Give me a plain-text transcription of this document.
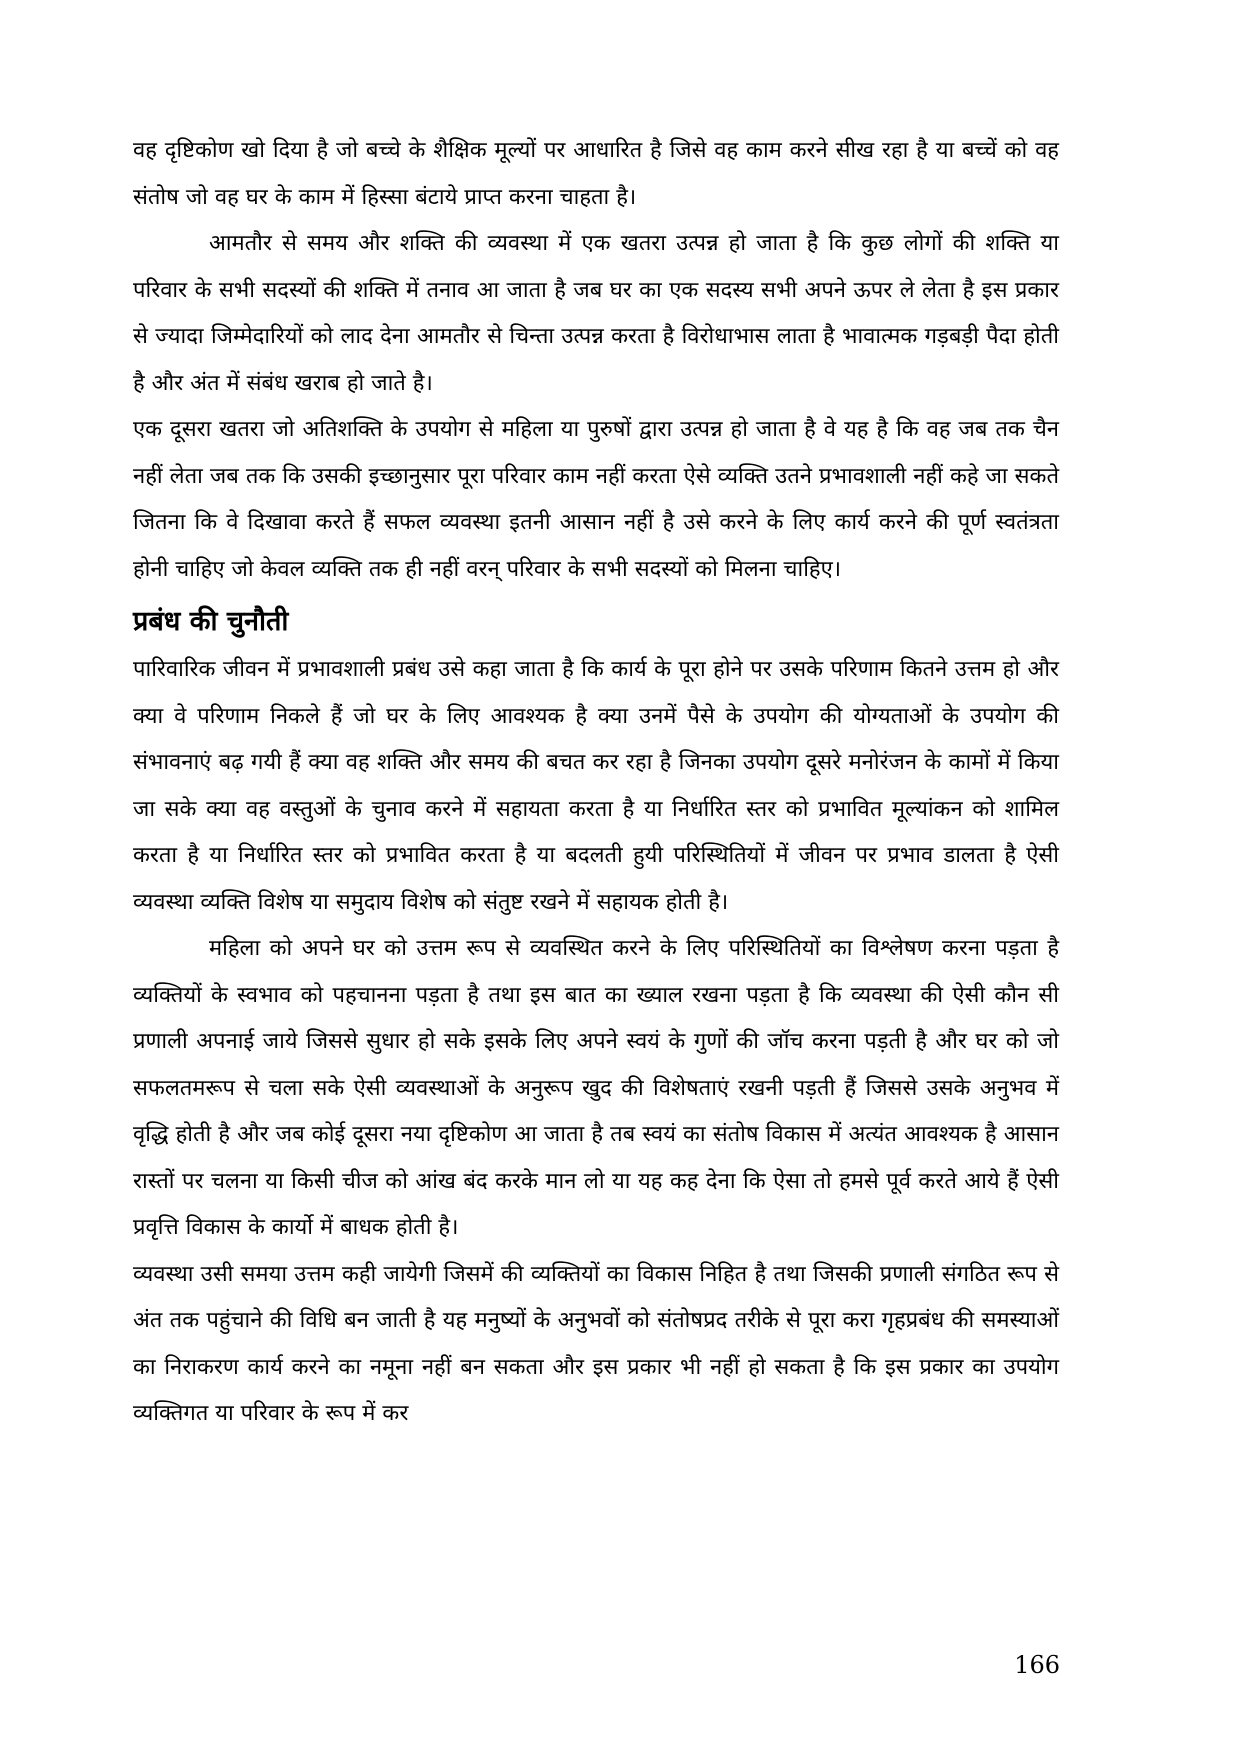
वह दृष्टिकोण खो दिया है जो बच्चे के शैक्षिक मूल्यों पर आधारित है जिसे वह काम करने सीख रहा है या बच्चें को वह संतोष जो वह घर के काम में हिस्सा बंटाये प्राप्त करना चाहता है।

आमतौर से समय और शक्ति की व्यवस्था में एक खतरा उत्पन्न हो जाता है कि कुछ लोगों की शक्ति या परिवार के सभी सदस्यों की शक्ति में तनाव आ जाता है जब घर का एक सदस्य सभी अपने ऊपर ले लेता है इस प्रकार से ज्यादा जिम्मेदारियों को लाद देना आमतौर से चिन्ता उत्पन्न करता है विरोधाभास लाता है भावात्मक गड़बड़ी पैदा होती है और अंत में संबंध खराब हो जाते है।

एक दूसरा खतरा जो अतिशक्ति के उपयोग से महिला या पुरुषों द्वारा उत्पन्न हो जाता है वे यह है कि वह जब तक चैन नहीं लेता जब तक कि उसकी इच्छानुसार पूरा परिवार काम नहीं करता ऐसे व्यक्ति उतने प्रभावशाली नहीं कहे जा सकते जितना कि वे दिखावा करते हैं सफल व्यवस्था इतनी आसान नहीं है उसे करने के लिए कार्य करने की पूर्ण स्वतंत्रता होनी चाहिए जो केवल व्यक्ति तक ही नहीं वरन् परिवार के सभी सदस्यों को मिलना चाहिए।

प्रबंध की चुनौती

पारिवारिक जीवन में प्रभावशाली प्रबंध उसे कहा जाता है कि कार्य के पूरा होने पर उसके परिणाम कितने उत्तम हो और क्या वे परिणाम निकले हैं जो घर के लिए आवश्यक है क्या उनमें पैसे के उपयोग की योग्यताओं के उपयोग की संभावनाएं बढ़ गयी हैं क्या वह शक्ति और समय की बचत कर रहा है जिनका उपयोग दूसरे मनोरंजन के कामों में किया जा सके क्या वह वस्तुओं के चुनाव करने में सहायता करता है या निर्धारित स्तर को प्रभावित मूल्यांकन को शामिल करता है या निर्धारित स्तर को प्रभावित करता है या बदलती हुयी परिस्थितियों में जीवन पर प्रभाव डालता है ऐसी व्यवस्था व्यक्ति विशेष या समुदाय विशेष को संतुष्ट रखने में सहायक होती है।

महिला को अपने घर को उत्तम रूप से व्यवस्थित करने के लिए परिस्थितियों का विश्लेषण करना पड़ता है व्यक्तियों के स्वभाव को पहचानना पड़ता है तथा इस बात का ख्याल रखना पड़ता है कि व्यवस्था की ऐसी कौन सी प्रणाली अपनाई जाये जिससे सुधार हो सके इसके लिए अपने स्वयं के गुणों की जॉच करना पड़ती है और घर को जो सफलतमरूप से चला सके ऐसी व्यवस्थाओं के अनुरूप खुद की विशेषताएं रखनी पड़ती हैं जिससे उसके अनुभव में वृद्धि होती है और जब कोई दूसरा नया दृष्टिकोण आ जाता है तब स्वयं का संतोष विकास में अत्यंत आवश्यक है आसान रास्तों पर चलना या किसी चीज को आंख बंद करके मान लो या यह कह देना कि ऐसा तो हमसे पूर्व करते आये हैं ऐसी प्रवृत्ति विकास के कार्यो में बाधक होती है।

व्यवस्था उसी समया उत्तम कही जायेगी जिसमें की व्यक्तियों का विकास निहित है तथा जिसकी प्रणाली संगठित रूप से अंत तक पहुंचाने की विधि बन जाती है यह मनुष्यों के अनुभवों को संतोषप्रद तरीके से पूरा करा गृहप्रबंध की समस्याओं का निराकरण कार्य करने का नमूना नहीं बन सकता और इस प्रकार भी नहीं हो सकता है कि इस प्रकार का उपयोग व्यक्तिगत या परिवार के रूप में कर

166
